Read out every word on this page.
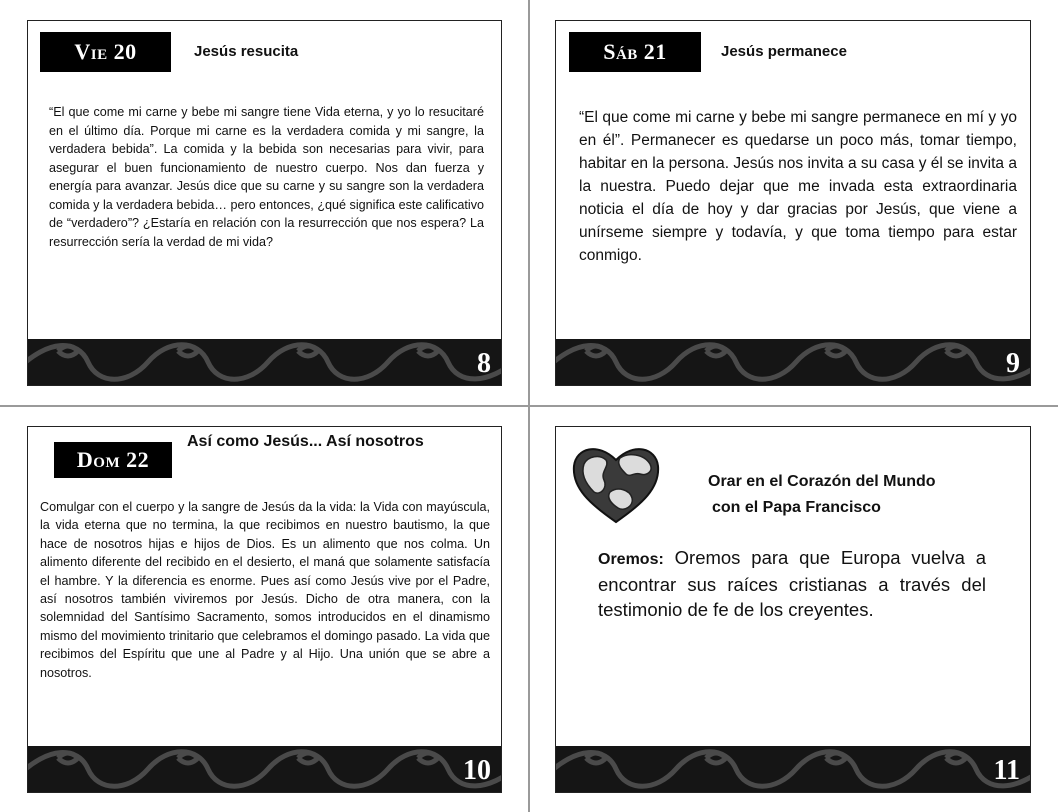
Vie 20	Jesús resucita

“El que come mi carne y bebe mi sangre tiene Vida eterna, y yo lo resucitaré en el último día. Porque mi carne es la verdadera comida y mi sangre, la verdadera bebida”. La comida y la bebida son necesarias para vivir, para asegurar el buen funcionamiento de nuestro cuerpo. Nos dan fuerza y energía para avanzar. Jesús dice que su carne y su sangre son la verdadera comida y la verdadera bebida… pero entonces, ¿qué significa este calificativo de “verdadero”? ¿Estaría en relación con la resurrección que nos espera? La resurrección sería la verdad de mi vida?

8
Sáb 21	Jesús permanece

“El que come mi carne y bebe mi sangre permanece en mí y yo en él”. Permanecer es quedarse un poco más, tomar tiempo, habitar en la persona. Jesús nos invita a su casa y él se invita a la nuestra. Puedo dejar que me invada esta extraordinaria noticia el día de hoy y dar gracias por Jesús, que viene a unírseme siempre y todavía, y que toma tiempo para estar conmigo.

9
Dom 22
Así como Jesús... Así nosotros

Comulgar con el cuerpo y la sangre de Jesús da la vida: la Vida con mayúscula, la vida eterna que no termina, la que recibimos en nuestro bautismo, la que hace de nosotros hijas e hijos de Dios. Es un alimento que nos colma. Un alimento diferente del recibido en el desierto, el maná que solamente satisfacía el hambre. Y la diferencia es enorme. Pues así como Jesús vive por el Padre, así nosotros también viviremos por Jesús. Dicho de otra manera, con la solemnidad del Santísimo Sacramento, somos introducidos en el dinamismo mismo del movimiento trinitario que celebramos el domingo pasado. La vida que recibimos del Espíritu que une al Padre y al Hijo. Una unión que se abre a nosotros.

10
Orar en el Corazón del Mundo
con el Papa Francisco

Oremos: Oremos para que Europa vuelva a encontrar sus raíces cristianas a través del testimonio de fe de los creyentes.

11
